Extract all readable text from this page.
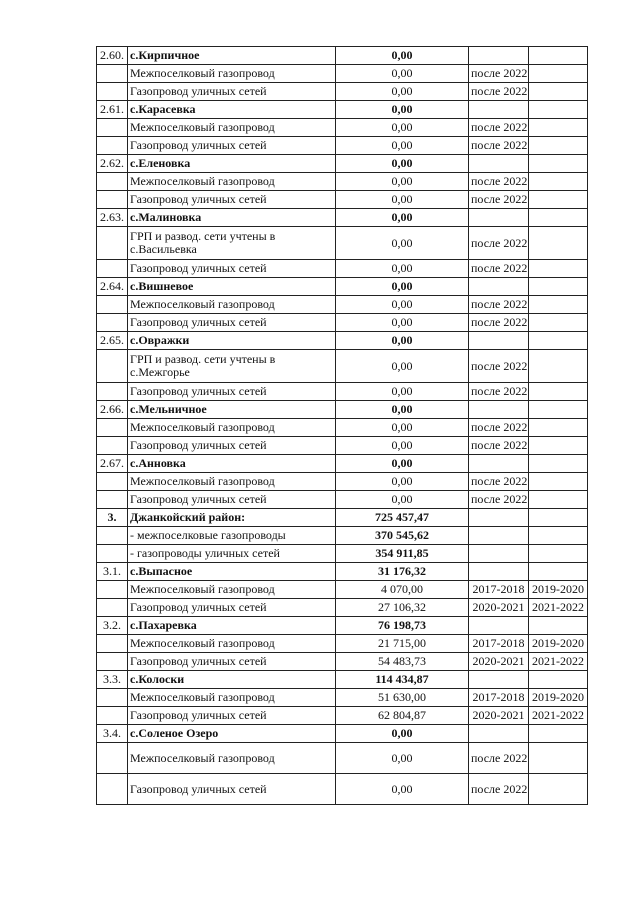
2.60.	с.Кирпичное	0,00		
	Межпоселковый газопровод	0,00	после 2022	
	Газопровод уличных сетей	0,00	после 2022	
2.61.	с.Карасевка	0,00		
	Межпоселковый газопровод	0,00	после 2022	
	Газопровод уличных сетей	0,00	после 2022	
2.62.	с.Еленовка	0,00		
	Межпоселковый газопровод	0,00	после 2022	
	Газопровод уличных сетей	0,00	после 2022	
2.63.	с.Малиновка	0,00		
	ГРП и развод. сети учтены в с.Васильевка	0,00	после 2022	
	Газопровод уличных сетей	0,00	после 2022	
2.64.	с.Вишневое	0,00		
	Межпоселковый газопровод	0,00	после 2022	
	Газопровод уличных сетей	0,00	после 2022	
2.65.	с.Овражки	0,00		
	ГРП и развод. сети учтены в с.Межгорье	0,00	после 2022	
	Газопровод уличных сетей	0,00	после 2022	
2.66.	с.Мельничное	0,00		
	Межпоселковый газопровод	0,00	после 2022	
	Газопровод уличных сетей	0,00	после 2022	
2.67.	с.Анновка	0,00		
	Межпоселковый газопровод	0,00	после 2022	
	Газопровод уличных сетей	0,00	после 2022	
3.	Джанкойский район:	725 457,47		
	- межпоселковые газопроводы	370 545,62		
	- газопроводы уличных сетей	354 911,85		
3.1.	с.Выпасное	31 176,32		
	Межпоселковый газопровод	4 070,00	2017-2018	2019-2020
	Газопровод уличных сетей	27 106,32	2020-2021	2021-2022
3.2.	с.Пахаревка	76 198,73		
	Межпоселковый газопровод	21 715,00	2017-2018	2019-2020
	Газопровод уличных сетей	54 483,73	2020-2021	2021-2022
3.3.	с.Колоски	114 434,87		
	Межпоселковый газопровод	51 630,00	2017-2018	2019-2020
	Газопровод уличных сетей	62 804,87	2020-2021	2021-2022
3.4.	с.Соленое Озеро	0,00		
	Межпоселковый газопровод	0,00	после 2022	
	Газопровод уличных сетей	0,00	после 2022	
